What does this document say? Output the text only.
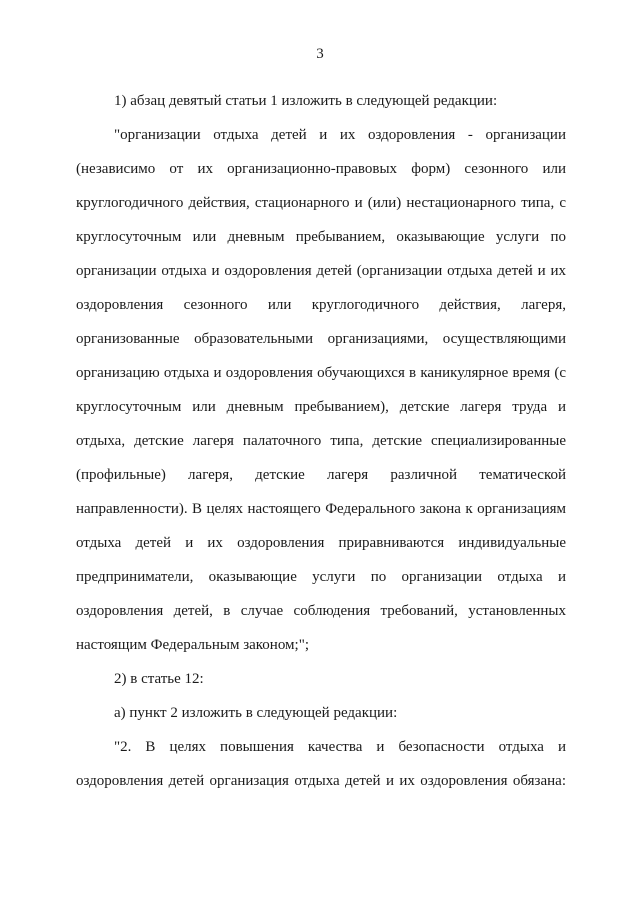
3

1) абзац девятый статьи 1 изложить в следующей редакции:

"организации отдыха детей и их оздоровления - организации (независимо от их организационно-правовых форм) сезонного или круглогодичного действия, стационарного и (или) нестационарного типа, с круглосуточным или дневным пребыванием, оказывающие услуги по организации отдыха и оздоровления детей (организации отдыха детей и их оздоровления сезонного или круглогодичного действия, лагеря, организованные образовательными организациями, осуществляющими организацию отдыха и оздоровления обучающихся в каникулярное время (с круглосуточным или дневным пребыванием), детские лагеря труда и отдыха, детские лагеря палаточного типа, детские специализированные (профильные) лагеря, детские лагеря различной тематической направленности). В целях настоящего Федерального закона к организациям отдыха детей и их оздоровления приравниваются индивидуальные предприниматели, оказывающие услуги по организации отдыха и оздоровления детей, в случае соблюдения требований, установленных настоящим Федеральным законом;";

2) в статье 12:

а) пункт 2 изложить в следующей редакции:

"2. В целях повышения качества и безопасности отдыха и оздоровления детей организация отдыха детей и их оздоровления обязана:
